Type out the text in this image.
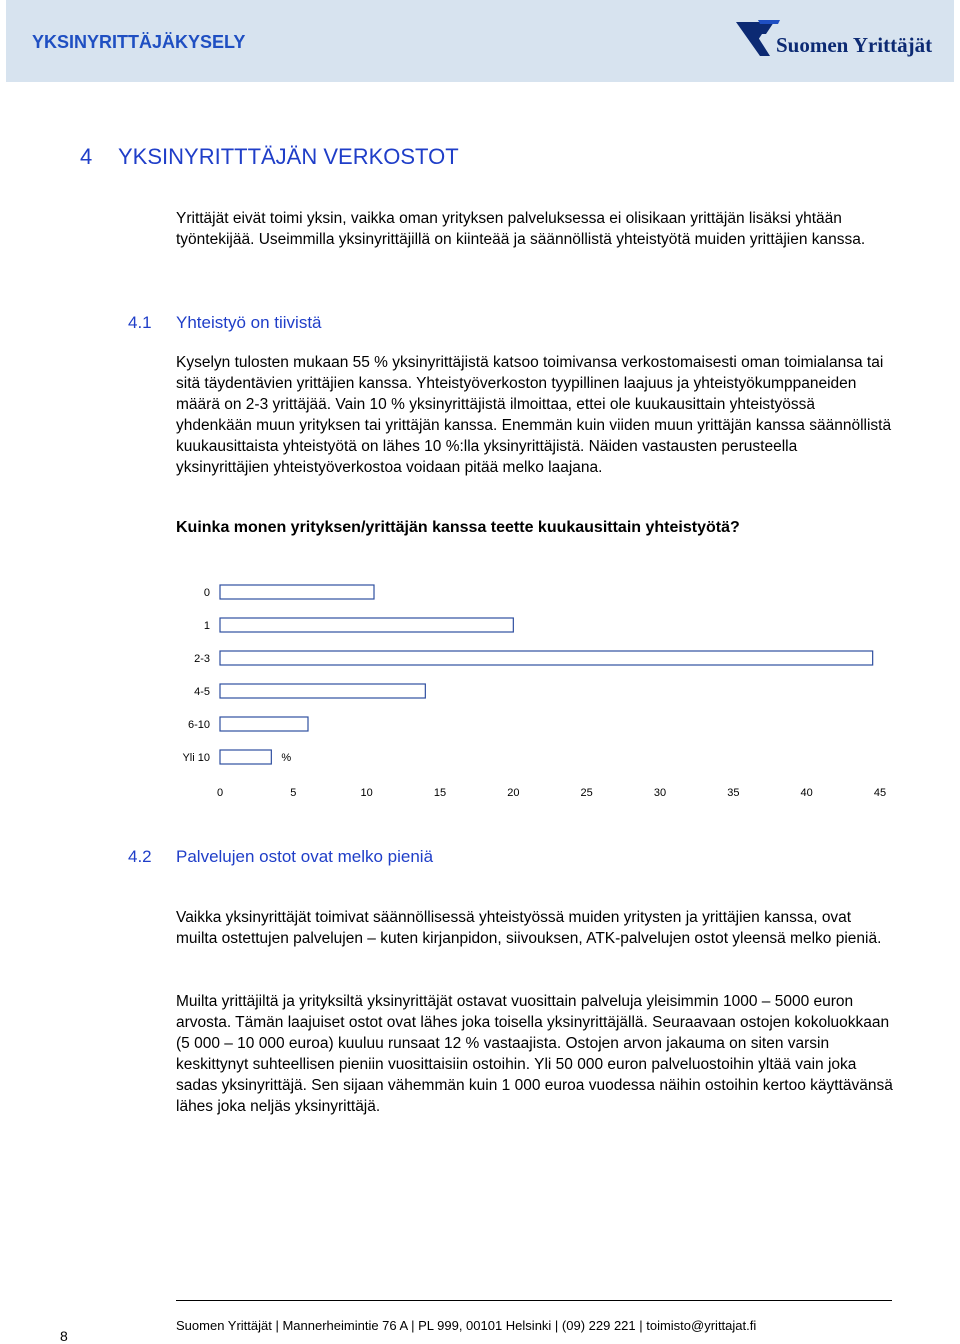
YKSINYRITTÄJÄKYSELY	Suomen Yrittäjät
4 YKSINYRITTTÄJÄN VERKOSTOT

Yrittäjät eivät toimi yksin, vaikka oman yrityksen palveluksessa ei olisikaan yrittäjän lisäksi yhtään työntekijää. Useimmilla yksinyrittäjillä on kiinteää ja säännöllistä yhteistyötä muiden yrittäjien kanssa.

4.1 Yhteistyö on tiivistä

Kyselyn tulosten mukaan 55 % yksinyrittäjistä katsoo toimivansa verkostomaisesti oman toimialansa tai sitä täydentävien yrittäjien kanssa. Yhteistyöverkoston tyypillinen laajuus ja yhteistyökumppaneiden määrä on 2-3 yrittäjää. Vain 10 % yksinyrittäjistä ilmoittaa, ettei ole kuukausittain yhteistyössä yhdenkään muun yrityksen tai yrittäjän kanssa. Enemmän kuin viiden muun yrittäjän kanssa säännöllistä kuukausittaista yhteistyötä on lähes 10 %:lla yksinyrittäjistä. Näiden vastausten perusteella yksinyrittäjien yhteistyöverkostoa voidaan pitää melko laajana.

Kuinka monen yrityksen/yrittäjän kanssa teette kuukausittain yhteistyötä?
0
1
2-3
4-5
6-10
Yli 10	%
0	5	10	15	20	25	30	35	40	45
4.2 Palvelujen ostot ovat melko pieniä

Vaikka yksinyrittäjät toimivat säännöllisessä yhteistyössä muiden yritysten ja yrittäjien kanssa, ovat muilta ostettujen palvelujen – kuten kirjanpidon, siivouksen, ATK-palvelujen ostot yleensä melko pieniä.

Muilta yrittäjiltä ja yrityksiltä yksinyrittäjät ostavat vuosittain palveluja yleisimmin 1000 – 5000 euron arvosta. Tämän laajuiset ostot ovat lähes joka toisella yksinyrittäjällä. Seuraavaan ostojen kokoluokkaan (5 000 – 10 000 euroa) kuuluu runsaat 12 % vastaajista. Ostojen arvon jakauma on siten varsin keskittynyt suhteellisen pieniin vuosittaisiin ostoihin. Yli 50 000 euron palveluostoihin yltää vain joka sadas yksinyrittäjä. Sen sijaan vähemmän kuin 1 000 euroa vuodessa näihin ostoihin kertoo käyttävänsä lähes joka neljäs yksinyrittäjä.

8
Suomen Yrittäjät | Mannerheimintie 76 A | PL 999, 00101 Helsinki | (09) 229 221 | toimisto@yrittajat.fi
